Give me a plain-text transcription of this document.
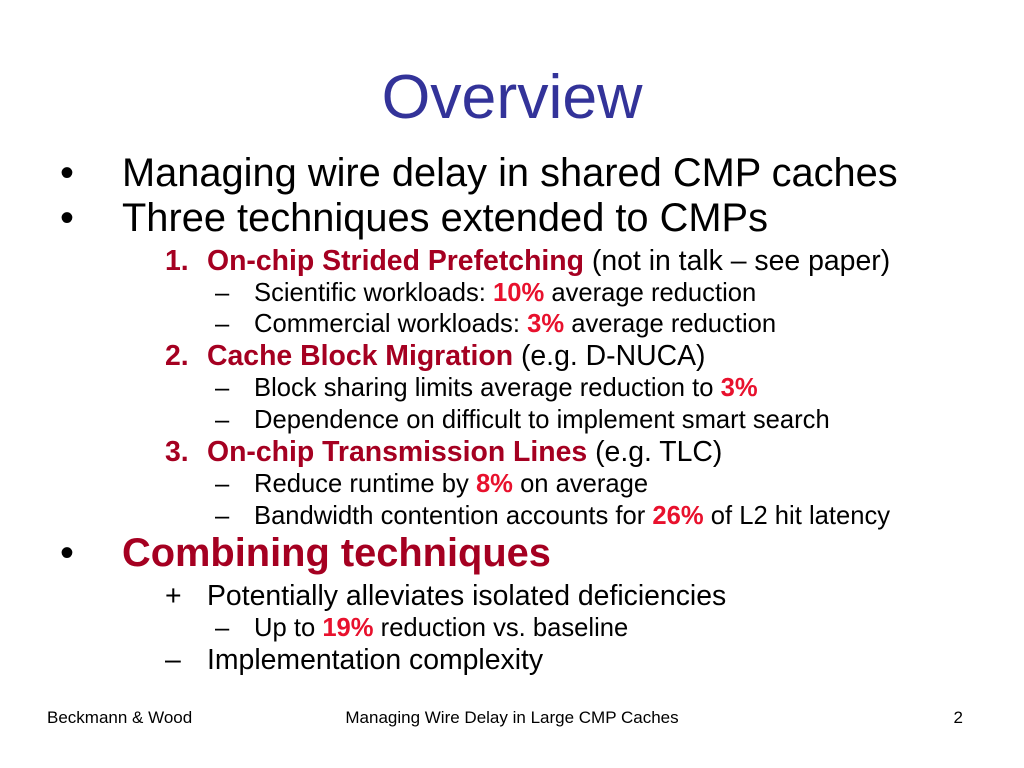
Overview
• Managing wire delay in shared CMP caches
• Three techniques extended to CMPs
1. On-chip Strided Prefetching (not in talk – see paper)
– Scientific workloads: 10% average reduction
– Commercial workloads: 3% average reduction
2. Cache Block Migration (e.g. D-NUCA)
– Block sharing limits average reduction to 3%
– Dependence on difficult to implement smart search
3. On-chip Transmission Lines (e.g. TLC)
– Reduce runtime by 8% on average
– Bandwidth contention accounts for 26% of L2 hit latency
• Combining techniques
+ Potentially alleviates isolated deficiencies
– Up to 19% reduction vs. baseline
– Implementation complexity
Beckmann & Wood	Managing Wire Delay in Large CMP Caches	2
